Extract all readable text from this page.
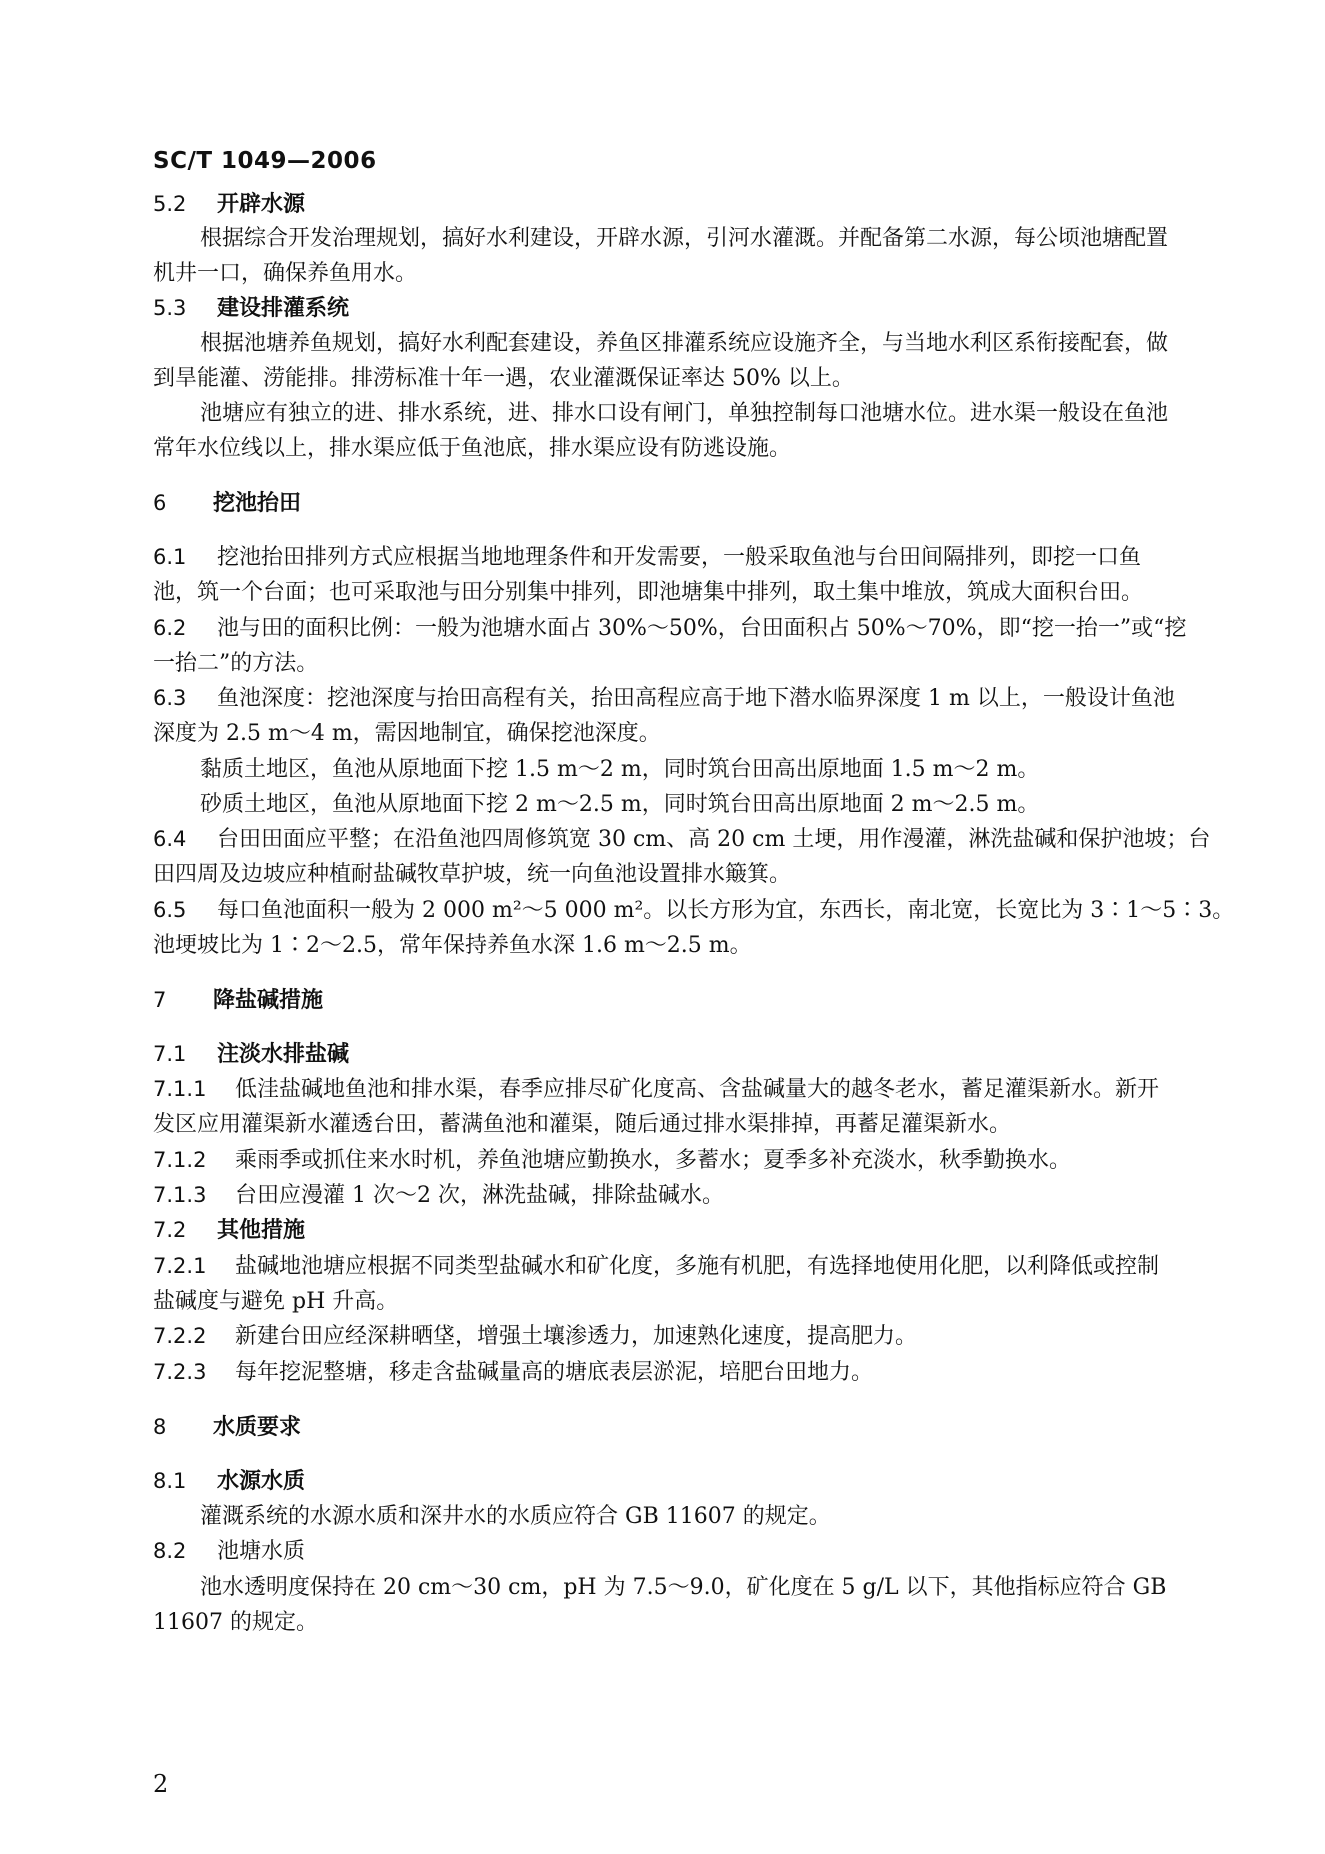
SC/T 1049—2006
5.2 开辟水源
根据综合开发治理规划，搞好水利建设，开辟水源，引河水灌溉。并配备第二水源，每公顷池塘配置
机井一口，确保养鱼用水。
5.3 建设排灌系统
根据池塘养鱼规划，搞好水利配套建设，养鱼区排灌系统应设施齐全，与当地水利区系衔接配套，做
到旱能灌、涝能排。排涝标准十年一遇，农业灌溉保证率达 50% 以上。
池塘应有独立的进、排水系统，进、排水口设有闸门，单独控制每口池塘水位。进水渠一般设在鱼池
常年水位线以上，排水渠应低于鱼池底，排水渠应设有防逃设施。
6 挖池抬田
6.1 挖池抬田排列方式应根据当地地理条件和开发需要，一般采取鱼池与台田间隔排列，即挖一口鱼
池，筑一个台面；也可采取池与田分别集中排列，即池塘集中排列，取土集中堆放，筑成大面积台田。
6.2 池与田的面积比例：一般为池塘水面占 30%～50%，台田面积占 50%～70%，即“挖一抬一”或“挖
一抬二”的方法。
6.3 鱼池深度：挖池深度与抬田高程有关，抬田高程应高于地下潜水临界深度 1 m 以上，一般设计鱼池
深度为 2.5 m～4 m，需因地制宜，确保挖池深度。
黏质土地区，鱼池从原地面下挖 1.5 m～2 m，同时筑台田高出原地面 1.5 m～2 m。
砂质土地区，鱼池从原地面下挖 2 m～2.5 m，同时筑台田高出原地面 2 m～2.5 m。
6.4 台田田面应平整；在沿鱼池四周修筑宽 30 cm、高 20 cm 土埂，用作漫灌，淋洗盐碱和保护池坡；台
田四周及边坡应种植耐盐碱牧草护坡，统一向鱼池设置排水簸箕。
6.5 每口鱼池面积一般为 2 000 m²～5 000 m²。以长方形为宜，东西长，南北宽，长宽比为 3∶1～5∶3。
池埂坡比为 1∶2～2.5，常年保持养鱼水深 1.6 m～2.5 m。
7 降盐碱措施
7.1 注淡水排盐碱
7.1.1 低洼盐碱地鱼池和排水渠，春季应排尽矿化度高、含盐碱量大的越冬老水，蓄足灌渠新水。新开
发区应用灌渠新水灌透台田，蓄满鱼池和灌渠，随后通过排水渠排掉，再蓄足灌渠新水。
7.1.2 乘雨季或抓住来水时机，养鱼池塘应勤换水，多蓄水；夏季多补充淡水，秋季勤换水。
7.1.3 台田应漫灌 1 次～2 次，淋洗盐碱，排除盐碱水。
7.2 其他措施
7.2.1 盐碱地池塘应根据不同类型盐碱水和矿化度，多施有机肥，有选择地使用化肥，以利降低或控制
盐碱度与避免 pH 升高。
7.2.2 新建台田应经深耕晒垡，增强土壤渗透力，加速熟化速度，提高肥力。
7.2.3 每年挖泥整塘，移走含盐碱量高的塘底表层淤泥，培肥台田地力。
8 水质要求
8.1 水源水质
灌溉系统的水源水质和深井水的水质应符合 GB 11607 的规定。
8.2 池塘水质
池水透明度保持在 20 cm～30 cm，pH 为 7.5～9.0，矿化度在 5 g/L 以下，其他指标应符合 GB
11607 的规定。
2
